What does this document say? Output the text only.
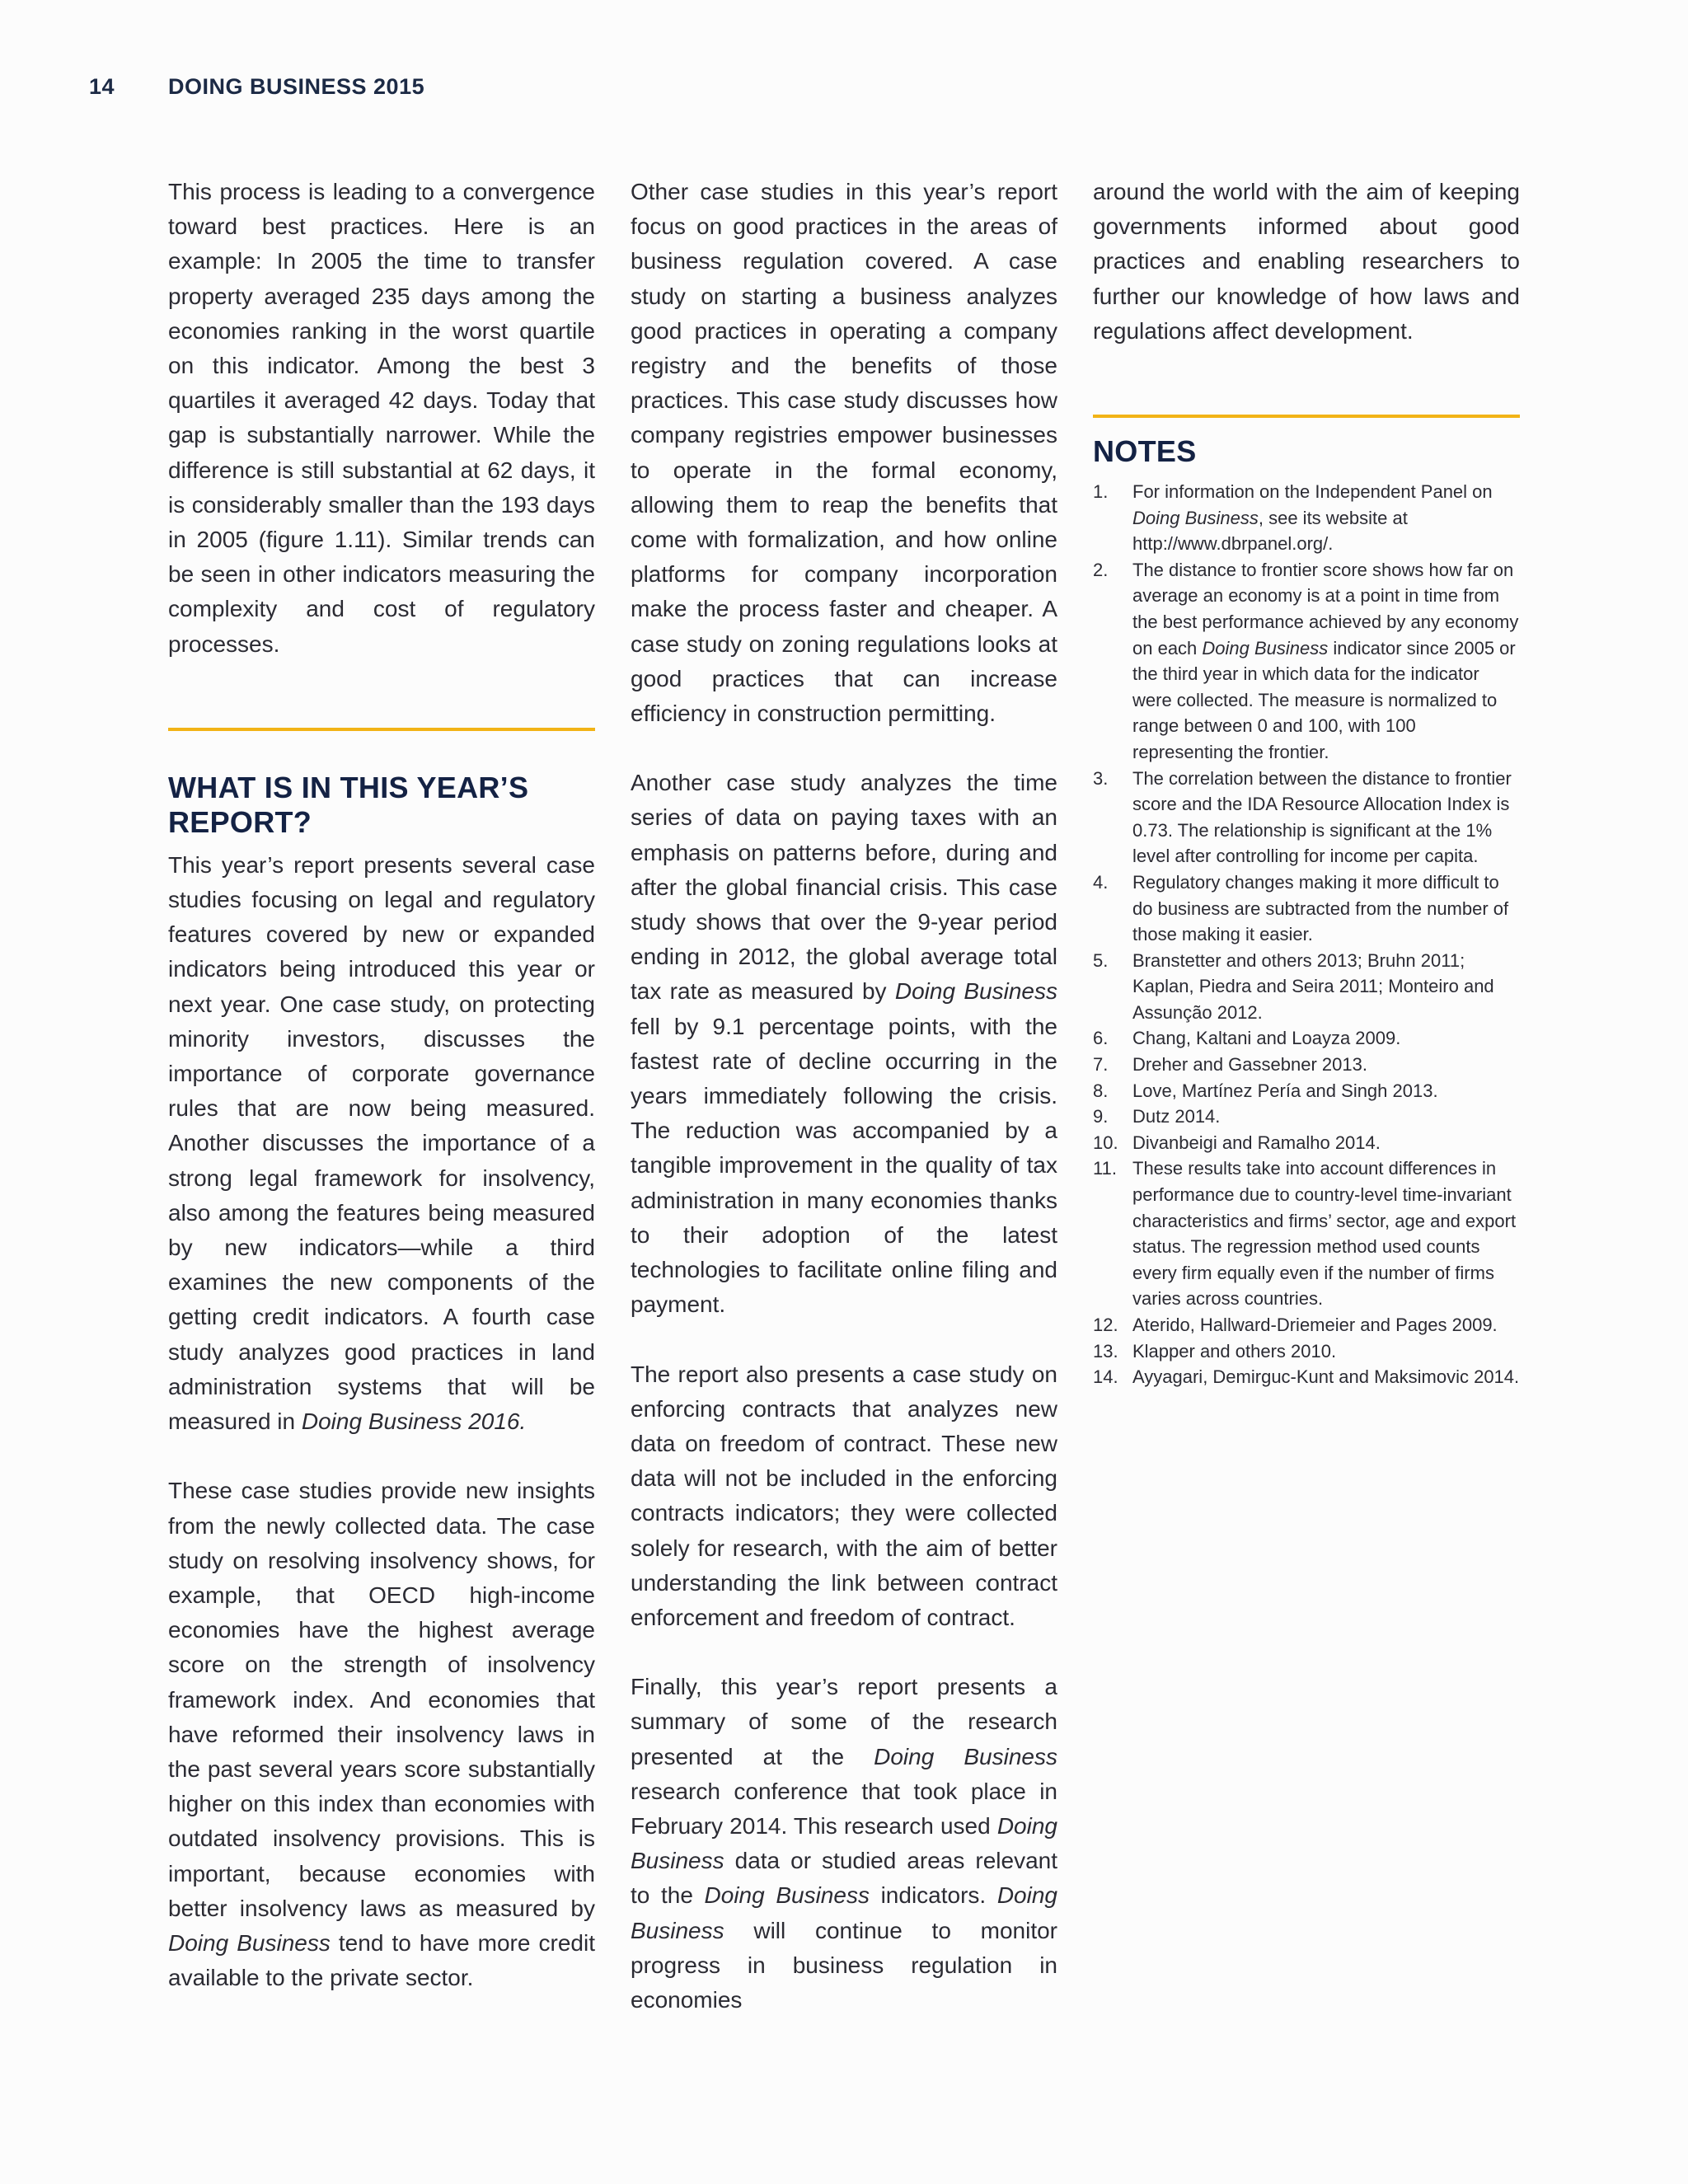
14 DOING BUSINESS 2015

This process is leading to a convergence toward best practices. Here is an example: In 2005 the time to transfer property averaged 235 days among the economies ranking in the worst quartile on this indicator. Among the best 3 quartiles it averaged 42 days. Today that gap is substantially narrower. While the difference is still substantial at 62 days, it is considerably smaller than the 193 days in 2005 (figure 1.11). Similar trends can be seen in other indicators measuring the complexity and cost of regulatory processes.

WHAT IS IN THIS YEAR’S REPORT?

This year’s report presents several case studies focusing on legal and regulatory features covered by new or expanded indicators being introduced this year or next year. One case study, on protecting minority investors, discusses the importance of corporate governance rules that are now being measured. Another discusses the importance of a strong legal framework for insolvency, also among the features being measured by new indicators—while a third examines the new components of the getting credit indicators. A fourth case study analyzes good practices in land administration systems that will be measured in Doing Business 2016.

These case studies provide new insights from the newly collected data. The case study on resolving insolvency shows, for example, that OECD high-income economies have the highest average score on the strength of insolvency framework index. And economies that have reformed their insolvency laws in the past several years score substantially higher on this index than economies with outdated insolvency provisions. This is important, because economies with better insolvency laws as measured by Doing Business tend to have more credit available to the private sector.

Other case studies in this year’s report focus on good practices in the areas of business regulation covered. A case study on starting a business analyzes good practices in operating a company registry and the benefits of those practices. This case study discusses how company registries empower businesses to operate in the formal economy, allowing them to reap the benefits that come with formalization, and how online platforms for company incorporation make the process faster and cheaper. A case study on zoning regulations looks at good practices that can increase efficiency in construction permitting.

Another case study analyzes the time series of data on paying taxes with an emphasis on patterns before, during and after the global financial crisis. This case study shows that over the 9-year period ending in 2012, the global average total tax rate as measured by Doing Business fell by 9.1 percentage points, with the fastest rate of decline occurring in the years immediately following the crisis. The reduction was accompanied by a tangible improvement in the quality of tax administration in many economies thanks to their adoption of the latest technologies to facilitate online filing and payment.

The report also presents a case study on enforcing contracts that analyzes new data on freedom of contract. These new data will not be included in the enforcing contracts indicators; they were collected solely for research, with the aim of better understanding the link between contract enforcement and freedom of contract.

Finally, this year’s report presents a summary of some of the research presented at the Doing Business research conference that took place in February 2014. This research used Doing Business data or studied areas relevant to the Doing Business indicators. Doing Business will continue to monitor progress in business regulation in economies

around the world with the aim of keeping governments informed about good practices and enabling researchers to further our knowledge of how laws and regulations affect development.

NOTES
1. For information on the Independent Panel on Doing Business, see its website at http://www.dbrpanel.org/.
2. The distance to frontier score shows how far on average an economy is at a point in time from the best performance achieved by any economy on each Doing Business indicator since 2005 or the third year in which data for the indicator were collected. The measure is normalized to range between 0 and 100, with 100 representing the frontier.
3. The correlation between the distance to frontier score and the IDA Resource Allocation Index is 0.73. The relationship is significant at the 1% level after controlling for income per capita.
4. Regulatory changes making it more difficult to do business are subtracted from the number of those making it easier.
5. Branstetter and others 2013; Bruhn 2011; Kaplan, Piedra and Seira 2011; Monteiro and Assunção 2012.
6. Chang, Kaltani and Loayza 2009.
7. Dreher and Gassebner 2013.
8. Love, Martínez Pería and Singh 2013.
9. Dutz 2014.
10. Divanbeigi and Ramalho 2014.
11. These results take into account differences in performance due to country-level time-invariant characteristics and firms’ sector, age and export status. The regression method used counts every firm equally even if the number of firms varies across countries.
12. Aterido, Hallward-Driemeier and Pages 2009.
13. Klapper and others 2010.
14. Ayyagari, Demirguc-Kunt and Maksimovic 2014.
